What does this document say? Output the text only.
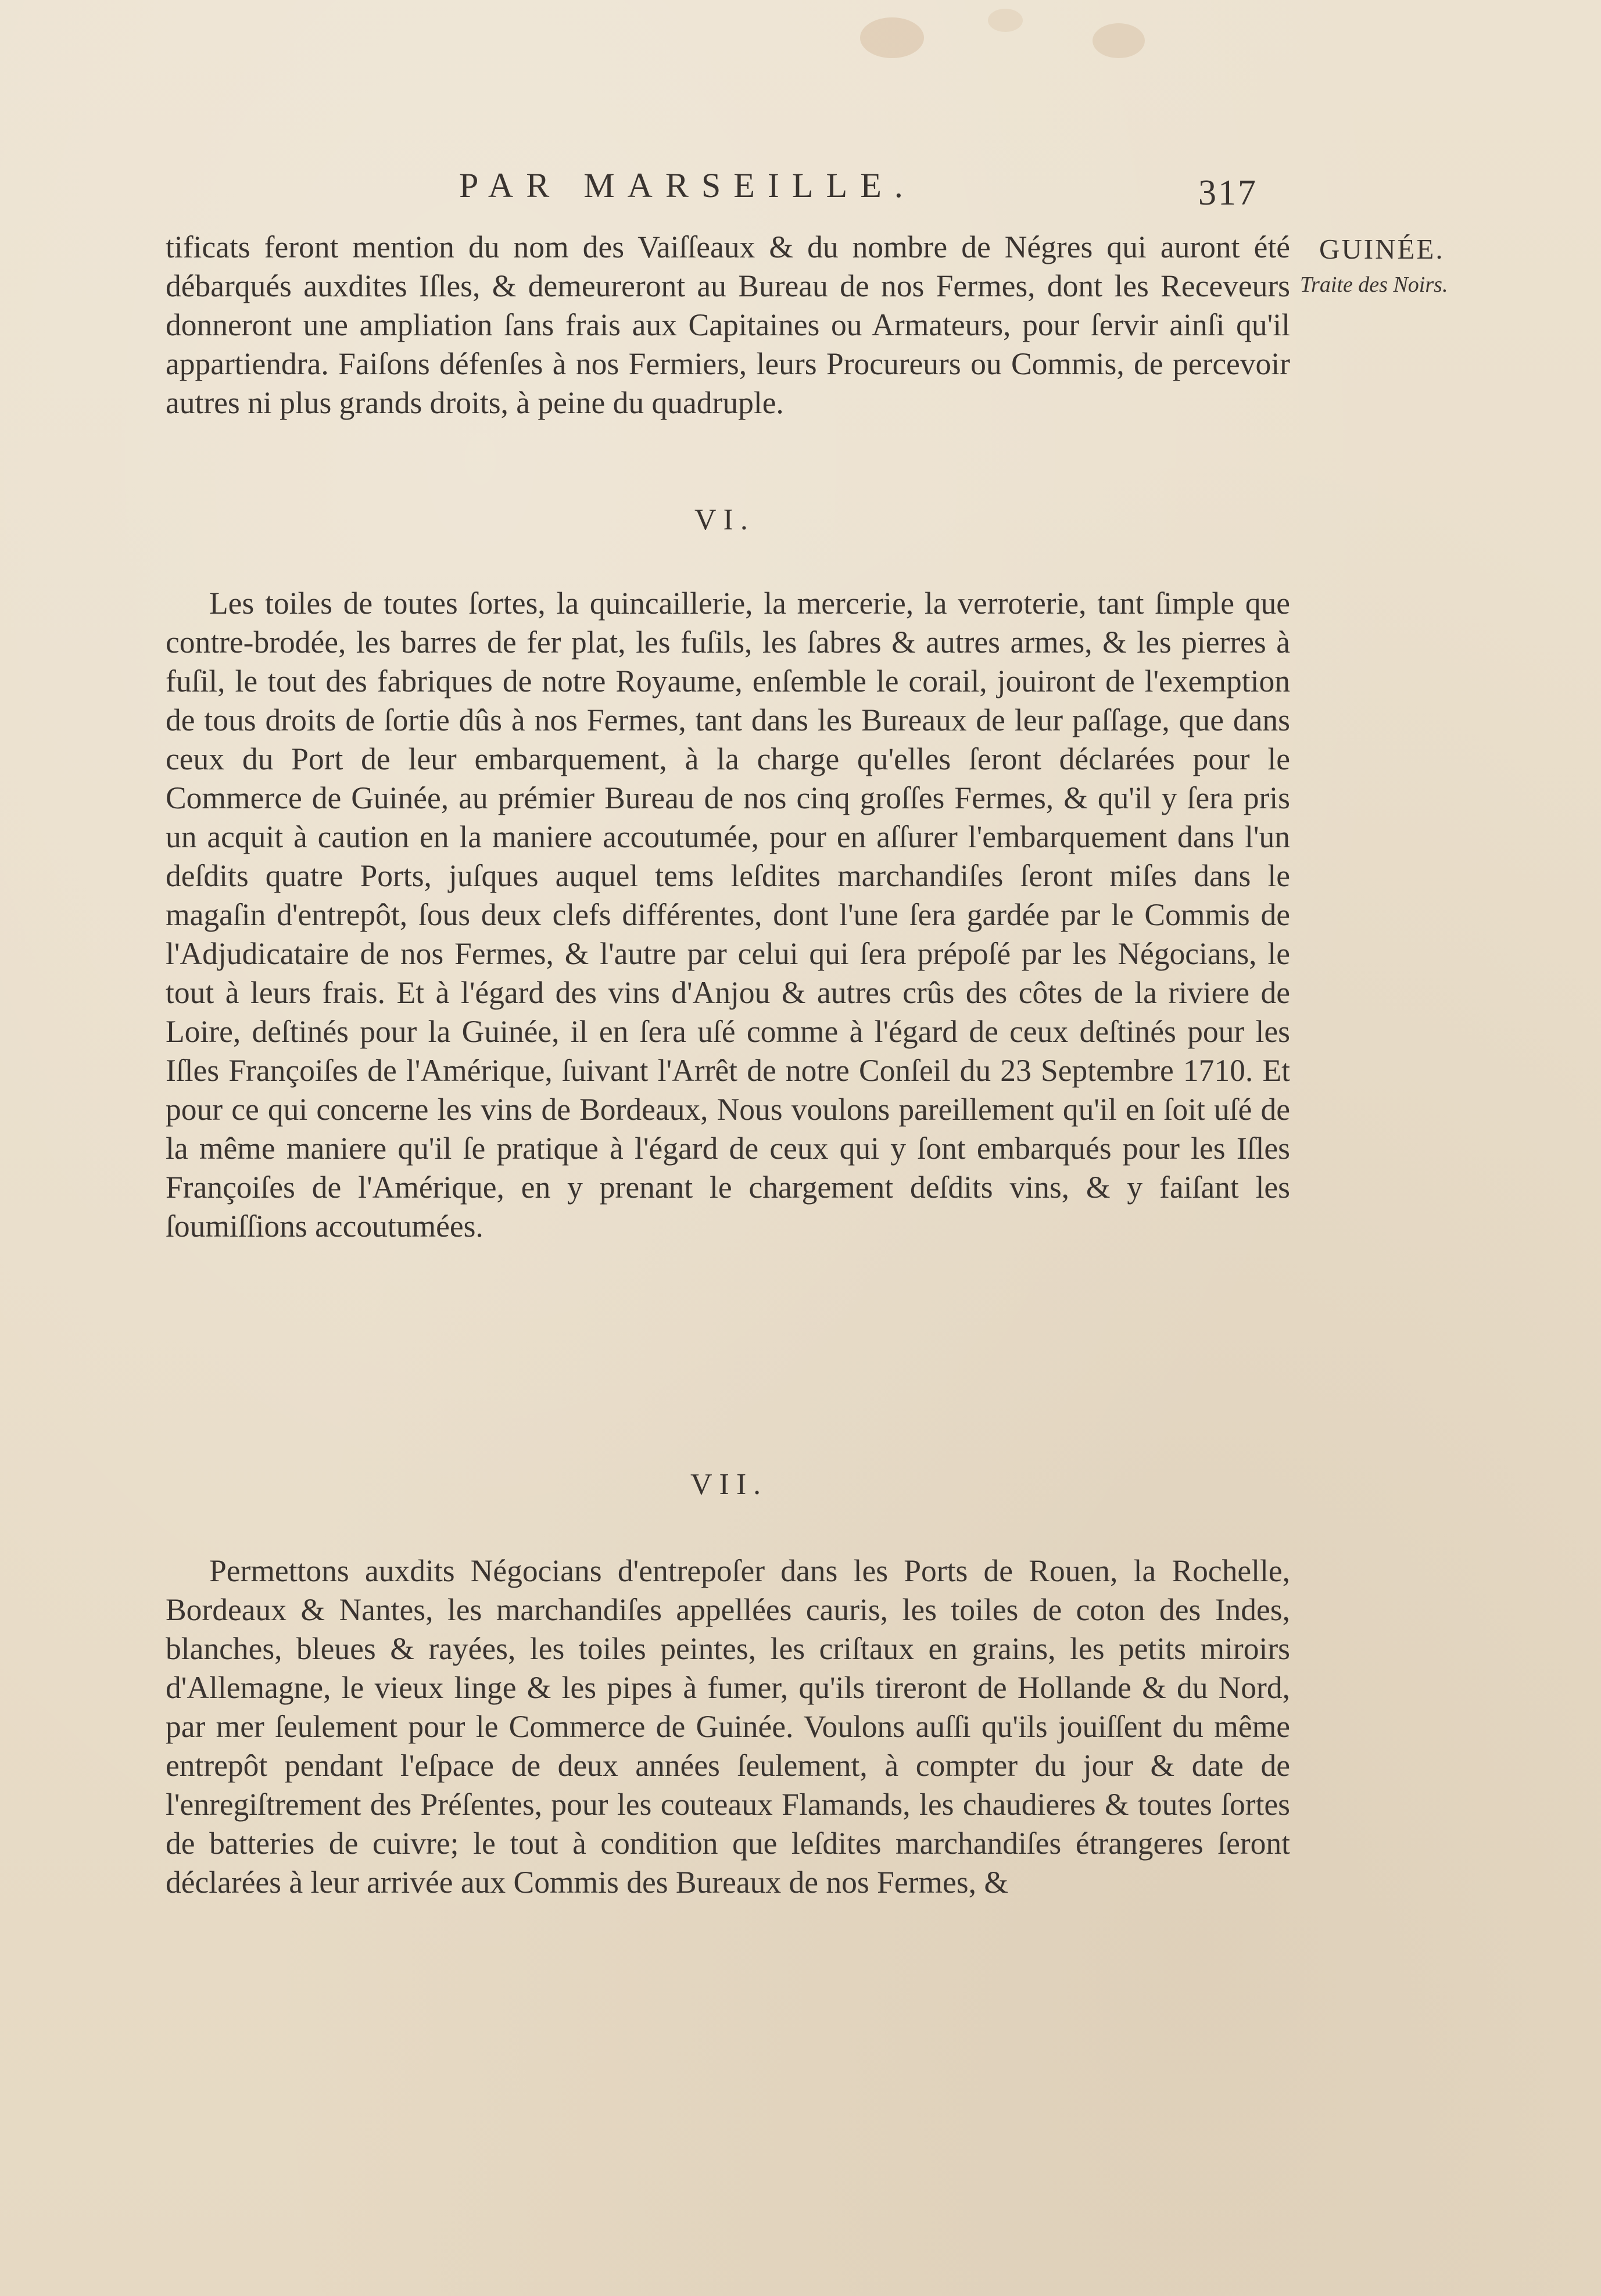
PAR MARSEILLE.	317
GUINÉE.
Traite des Noirs.

tificats feront mention du nom des Vaiſſeaux & du nombre de Négres qui auront été débarqués auxdites Iſles, & demeureront au Bureau de nos Fermes, dont les Receveurs donneront une ampliation ſans frais aux Capitaines ou Armateurs, pour ſervir ainſi qu'il appartiendra. Faiſons défenſes à nos Fermiers, leurs Procureurs ou Commis, de percevoir autres ni plus grands droits, à peine du quadruple.

VI.

Les toiles de toutes ſortes, la quincaillerie, la mercerie, la verroterie, tant ſimple que contre-brodée, les barres de fer plat, les fuſils, les ſabres & autres armes, & les pierres à fuſil, le tout des fabriques de notre Royaume, enſemble le corail, jouiront de l'exemption de tous droits de ſortie dûs à nos Fermes, tant dans les Bureaux de leur paſſage, que dans ceux du Port de leur embarquement, à la charge qu'elles ſeront déclarées pour le Commerce de Guinée, au prémier Bureau de nos cinq groſſes Fermes, & qu'il y ſera pris un acquit à caution en la maniere accoutumée, pour en aſſurer l'embarquement dans l'un deſdits quatre Ports, juſques auquel tems leſdites marchandiſes ſeront miſes dans le magaſin d'entrepôt, ſous deux clefs différentes, dont l'une ſera gardée par le Commis de l'Adjudicataire de nos Fermes, & l'autre par celui qui ſera prépoſé par les Négocians, le tout à leurs frais. Et à l'égard des vins d'Anjou & autres crûs des côtes de la riviere de Loire, deſtinés pour la Guinée, il en ſera uſé comme à l'égard de ceux deſtinés pour les Iſles Françoiſes de l'Amérique, ſuivant l'Arrêt de notre Conſeil du 23 Septembre 1710. Et pour ce qui concerne les vins de Bordeaux, Nous voulons pareillement qu'il en ſoit uſé de la même maniere qu'il ſe pratique à l'égard de ceux qui y ſont embarqués pour les Iſles Françoiſes de l'Amérique, en y prenant le chargement deſdits vins, & y faiſant les ſoumiſſions accoutumées.

VII.

Permettons auxdits Négocians d'entrepoſer dans les Ports de Rouen, la Rochelle, Bordeaux & Nantes, les marchandiſes appellées cauris, les toiles de coton des Indes, blanches, bleues & rayées, les toiles peintes, les criſtaux en grains, les petits miroirs d'Allemagne, le vieux linge & les pipes à fumer, qu'ils tireront de Hollande & du Nord, par mer ſeulement pour le Commerce de Guinée. Voulons auſſi qu'ils jouiſſent du même entrepôt pendant l'eſpace de deux années ſeulement, à compter du jour & date de l'enregiſtrement des Préſentes, pour les couteaux Flamands, les chaudieres & toutes ſortes de batteries de cuivre; le tout à condition que leſdites marchandiſes étrangeres ſeront déclarées à leur arrivée aux Commis des Bureaux de nos Fermes, &
